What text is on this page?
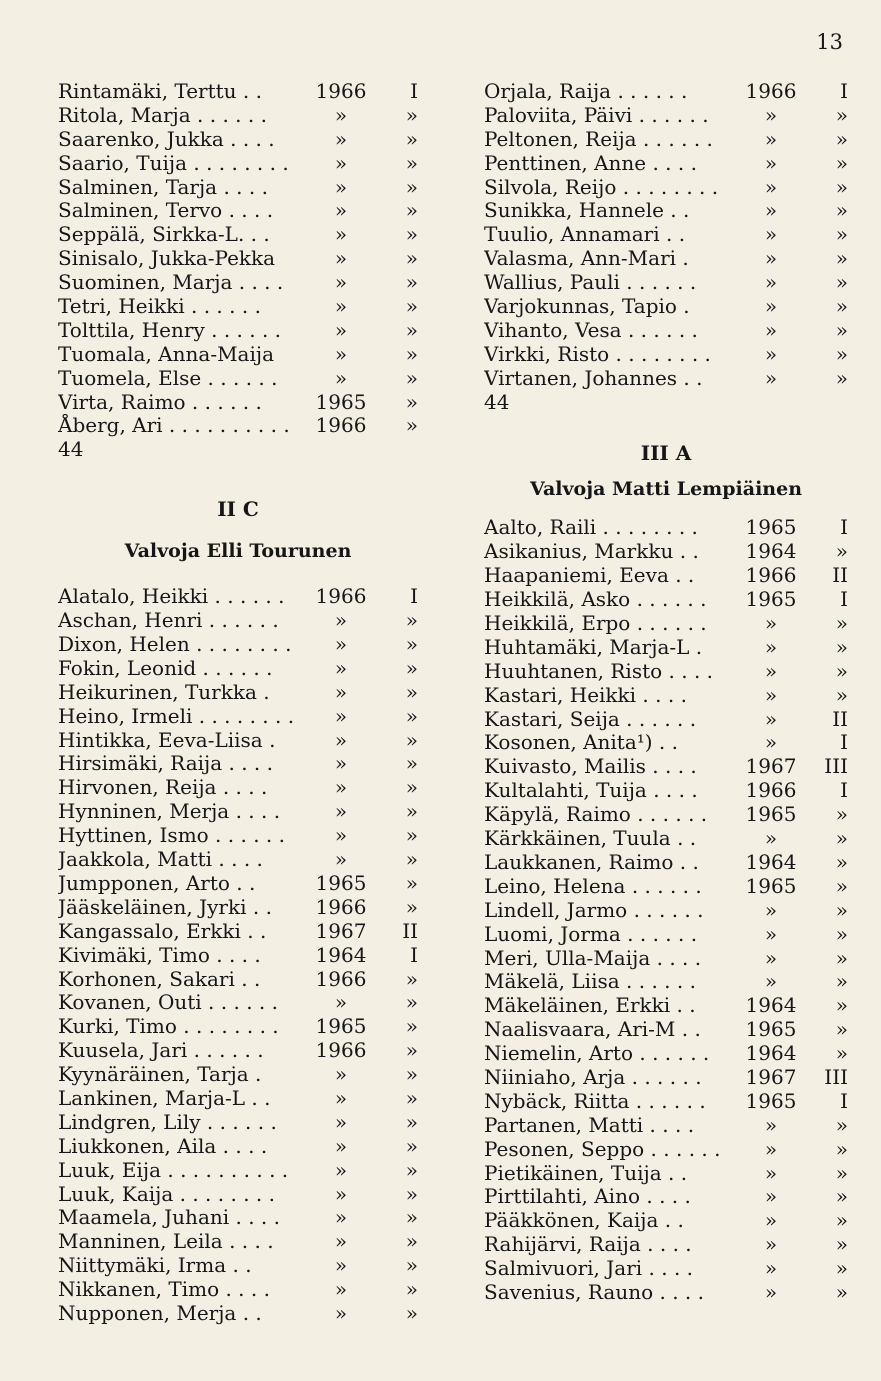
13
Rintamäki, Terttu . .	1966	I
Ritola, Marja . . . . . .	»	»
Saarenko, Jukka . . . .	»	»
Saario, Tuija . . . . . . . .	»	»
Salminen, Tarja . . . .	»	»
Salminen, Tervo . . . .	»	»
Seppälä, Sirkka-L. . .	»	»
Sinisalo, Jukka-Pekka	»	»
Suominen, Marja . . . .	»	»
Tetri, Heikki . . . . . .	»	»
Tolttila, Henry . . . . . .	»	»
Tuomala, Anna-Maija	»	»
Tuomela, Else . . . . . .	»	»
Virta, Raimo . . . . . .	1965	»
Åberg, Ari . . . . . . . . . .	1966	»
44
II C
Valvoja Elli Tourunen
Alatalo, Heikki . . . . . .	1966	I
Aschan, Henri . . . . . .	»	»
Dixon, Helen . . . . . . . .	»	»
Fokin, Leonid . . . . . .	»	»
Heikurinen, Turkka .	»	»
Heino, Irmeli . . . . . . . .	»	»
Hintikka, Eeva-Liisa .	»	»
Hirsimäki, Raija . . . .	»	»
Hirvonen, Reija . . . .	»	»
Hynninen, Merja . . . .	»	»
Hyttinen, Ismo . . . . . .	»	»
Jaakkola, Matti . . . .	»	»
Jumpponen, Arto . .	1965	»
Jääskeläinen, Jyrki . .	1966	»
Kangassalo, Erkki . .	1967	II
Kivimäki, Timo . . . .	1964	I
Korhonen, Sakari . .	1966	»
Kovanen, Outi . . . . . .	»	»
Kurki, Timo . . . . . . . .	1965	»
Kuusela, Jari . . . . . .	1966	»
Kyynäräinen, Tarja .	»	»
Lankinen, Marja-L . .	»	»
Lindgren, Lily . . . . . .	»	»
Liukkonen, Aila . . . .	»	»
Luuk, Eija . . . . . . . . . .	»	»
Luuk, Kaija . . . . . . . .	»	»
Maamela, Juhani . . . .	»	»
Manninen, Leila . . . .	»	»
Niittymäki, Irma . .	»	»
Nikkanen, Timo . . . .	»	»
Nupponen, Merja . .	»	»
Orjala, Raija . . . . . .	1966	I
Paloviita, Päivi . . . . . .	»	»
Peltonen, Reija . . . . . .	»	»
Penttinen, Anne . . . .	»	»
Silvola, Reijo . . . . . . . .	»	»
Sunikka, Hannele . .	»	»
Tuulio, Annamari . .	»	»
Valasma, Ann-Mari .	»	»
Wallius, Pauli . . . . . .	»	»
Varjokunnas, Tapio .	»	»
Vihanto, Vesa . . . . . .	»	»
Virkki, Risto . . . . . . . .	»	»
Virtanen, Johannes . .	»	»
44
III A
Valvoja Matti Lempiäinen
Aalto, Raili . . . . . . . .	1965	I
Asikanius, Markku . .	1964	»
Haapaniemi, Eeva . .	1966	II
Heikkilä, Asko . . . . . .	1965	I
Heikkilä, Erpo . . . . . .	»	»
Huhtamäki, Marja-L .	»	»
Huuhtanen, Risto . . . .	»	»
Kastari, Heikki . . . .	»	»
Kastari, Seija . . . . . .	»	II
Kosonen, Anita¹) . .	»	I
Kuivasto, Mailis . . . .	1967	III
Kultalahti, Tuija . . . .	1966	I
Käpylä, Raimo . . . . . .	1965	»
Kärkkäinen, Tuula . .	»	»
Laukkanen, Raimo . .	1964	»
Leino, Helena . . . . . .	1965	»
Lindell, Jarmo . . . . . .	»	»
Luomi, Jorma . . . . . .	»	»
Meri, Ulla-Maija . . . .	»	»
Mäkelä, Liisa . . . . . .	»	»
Mäkeläinen, Erkki . .	1964	»
Naalisvaara, Ari-M . .	1965	»
Niemelin, Arto . . . . . .	1964	»
Niiniaho, Arja . . . . . .	1967	III
Nybäck, Riitta . . . . . .	1965	I
Partanen, Matti . . . .	»	»
Pesonen, Seppo . . . . . .	»	»
Pietikäinen, Tuija . .	»	»
Pirttilahti, Aino . . . .	»	»
Pääkkönen, Kaija . .	»	»
Rahijärvi, Raija . . . .	»	»
Salmivuori, Jari . . . .	»	»
Savenius, Rauno . . . .	»	»
